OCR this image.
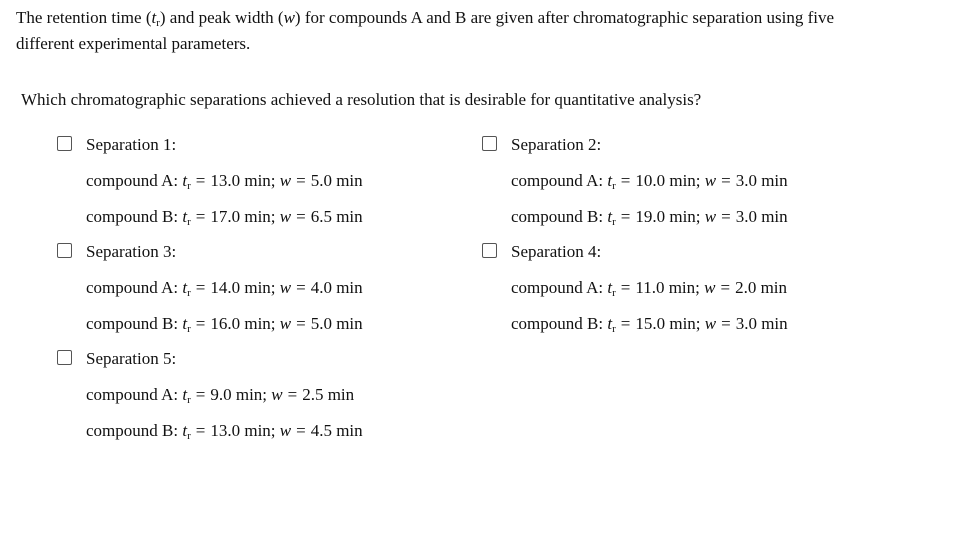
The retention time $(t_r)$ and peak width (w) for compounds A and B are given after chromatographic separation using five
different experimental parameters.
Which chromatographic separations achieved a resolution that is desirable for quantitative analysis?
Separation 1:
compound A: $t_r = 13.0$ min; w = 5.0 min
compound B: $t_r = 17.0$ min; w = 6.5 min
Separation 2:
compound A: $t_r = 10.0$ min; w = 3.0 min
compound B: $t_r = 19.0$ min; w = 3.0 min
Separation 3:
compound A: $t_r = 14.0$ min; w = 4.0 min
compound B: $t_r = 16.0$ min; w = 5.0 min
Separation 4:
compound A: $t_r = 11.0$ min; w = 2.0 min
compound B: $t_r = 15.0$ min; w = 3.0 min
Separation 5:
compound A: $t_r = 9.0$ min; w = 2.5 min
compound B: $t_r = 13.0$ min; w = 4.5 min
